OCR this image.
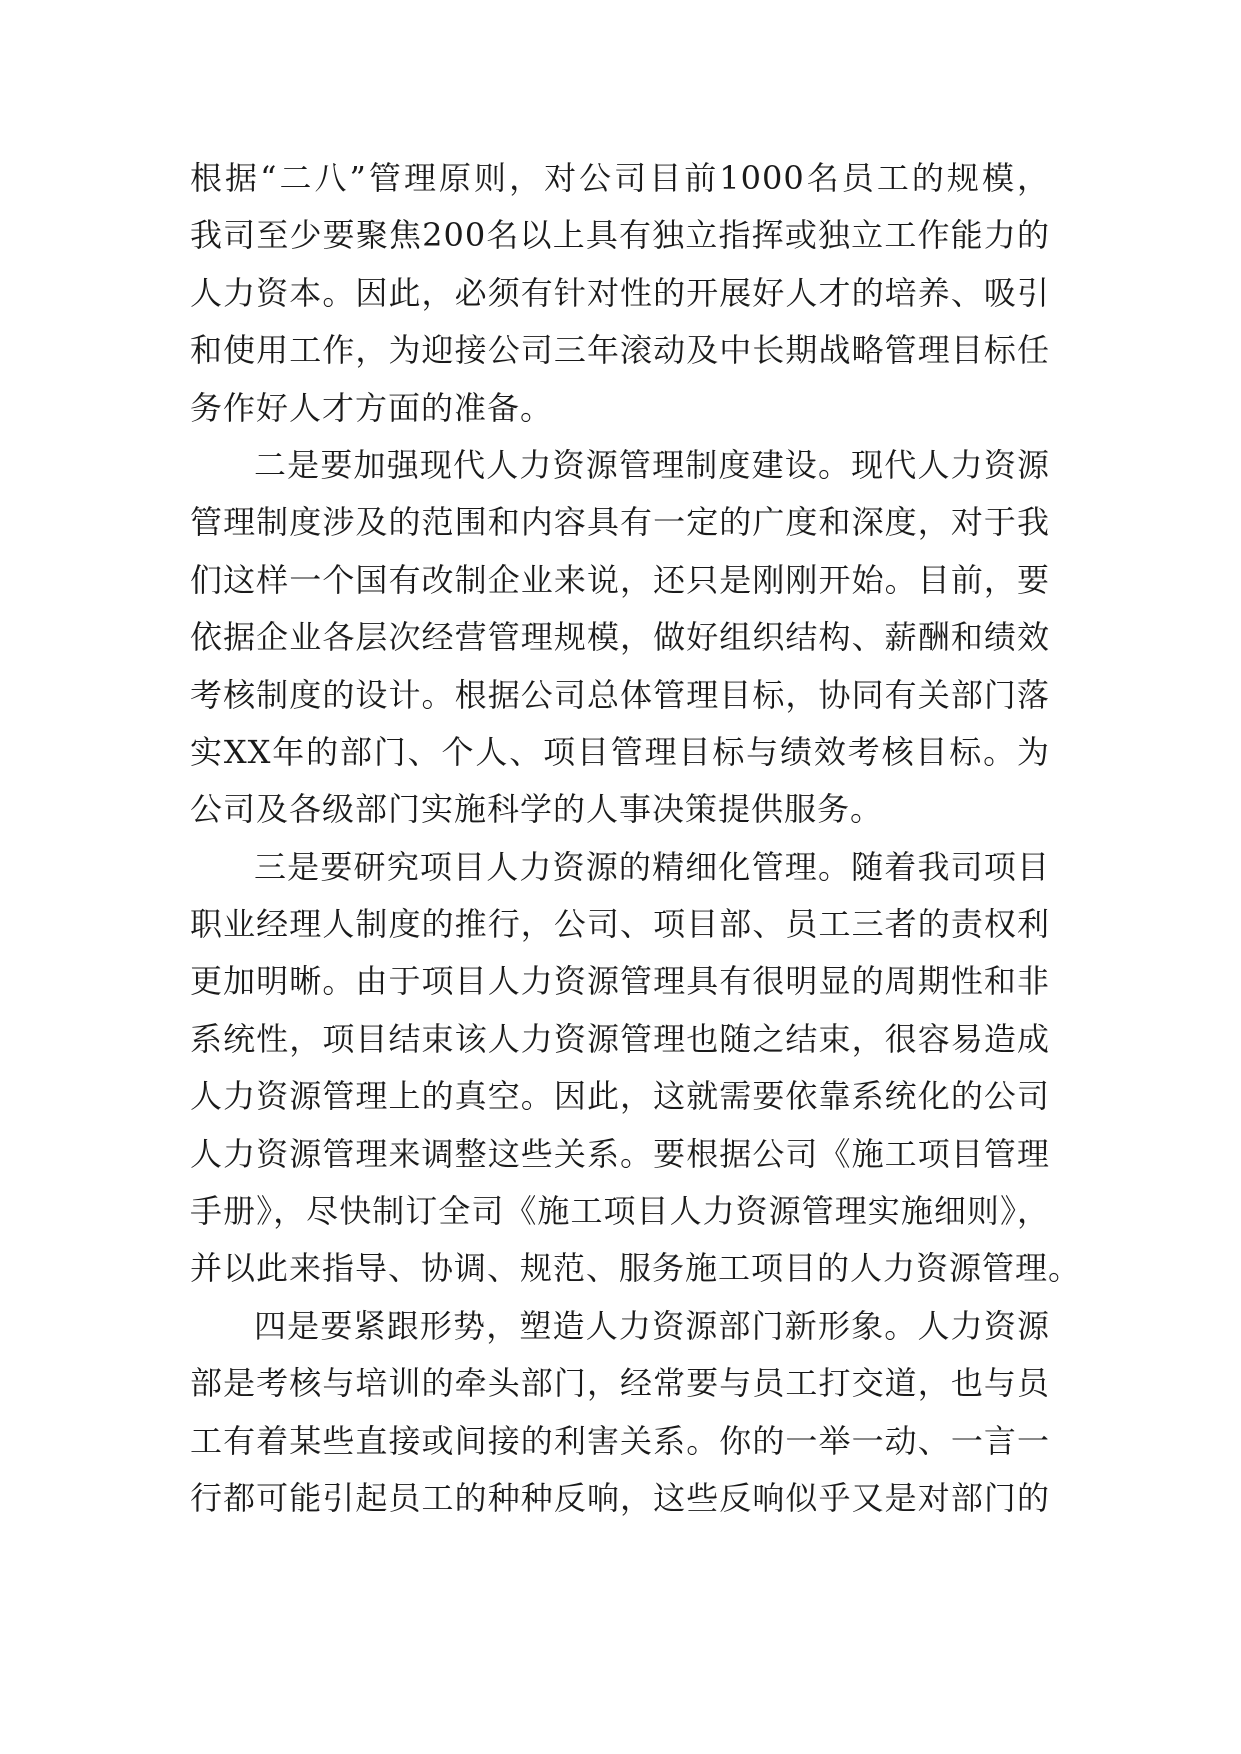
根据“二八”管理原则，对公司目前1000名员工的规模，
我司至少要聚焦200名以上具有独立指挥或独立工作能力的
人力资本。因此，必须有针对性的开展好人才的培养、吸引
和使用工作，为迎接公司三年滚动及中长期战略管理目标任
务作好人才方面的准备。
二是要加强现代人力资源管理制度建设。现代人力资源
管理制度涉及的范围和内容具有一定的广度和深度，对于我
们这样一个国有改制企业来说，还只是刚刚开始。目前，要
依据企业各层次经营管理规模，做好组织结构、薪酬和绩效
考核制度的设计。根据公司总体管理目标，协同有关部门落
实XX年的部门、个人、项目管理目标与绩效考核目标。为
公司及各级部门实施科学的人事决策提供服务。
三是要研究项目人力资源的精细化管理。随着我司项目
职业经理人制度的推行，公司、项目部、员工三者的责权利
更加明晰。由于项目人力资源管理具有很明显的周期性和非
系统性，项目结束该人力资源管理也随之结束，很容易造成
人力资源管理上的真空。因此，这就需要依靠系统化的公司
人力资源管理来调整这些关系。要根据公司《施工项目管理
手册》，尽快制订全司《施工项目人力资源管理实施细则》，
并以此来指导、协调、规范、服务施工项目的人力资源管理。
四是要紧跟形势，塑造人力资源部门新形象。人力资源
部是考核与培训的牵头部门，经常要与员工打交道，也与员
工有着某些直接或间接的利害关系。你的一举一动、一言一
行都可能引起员工的种种反响，这些反响似乎又是对部门的
